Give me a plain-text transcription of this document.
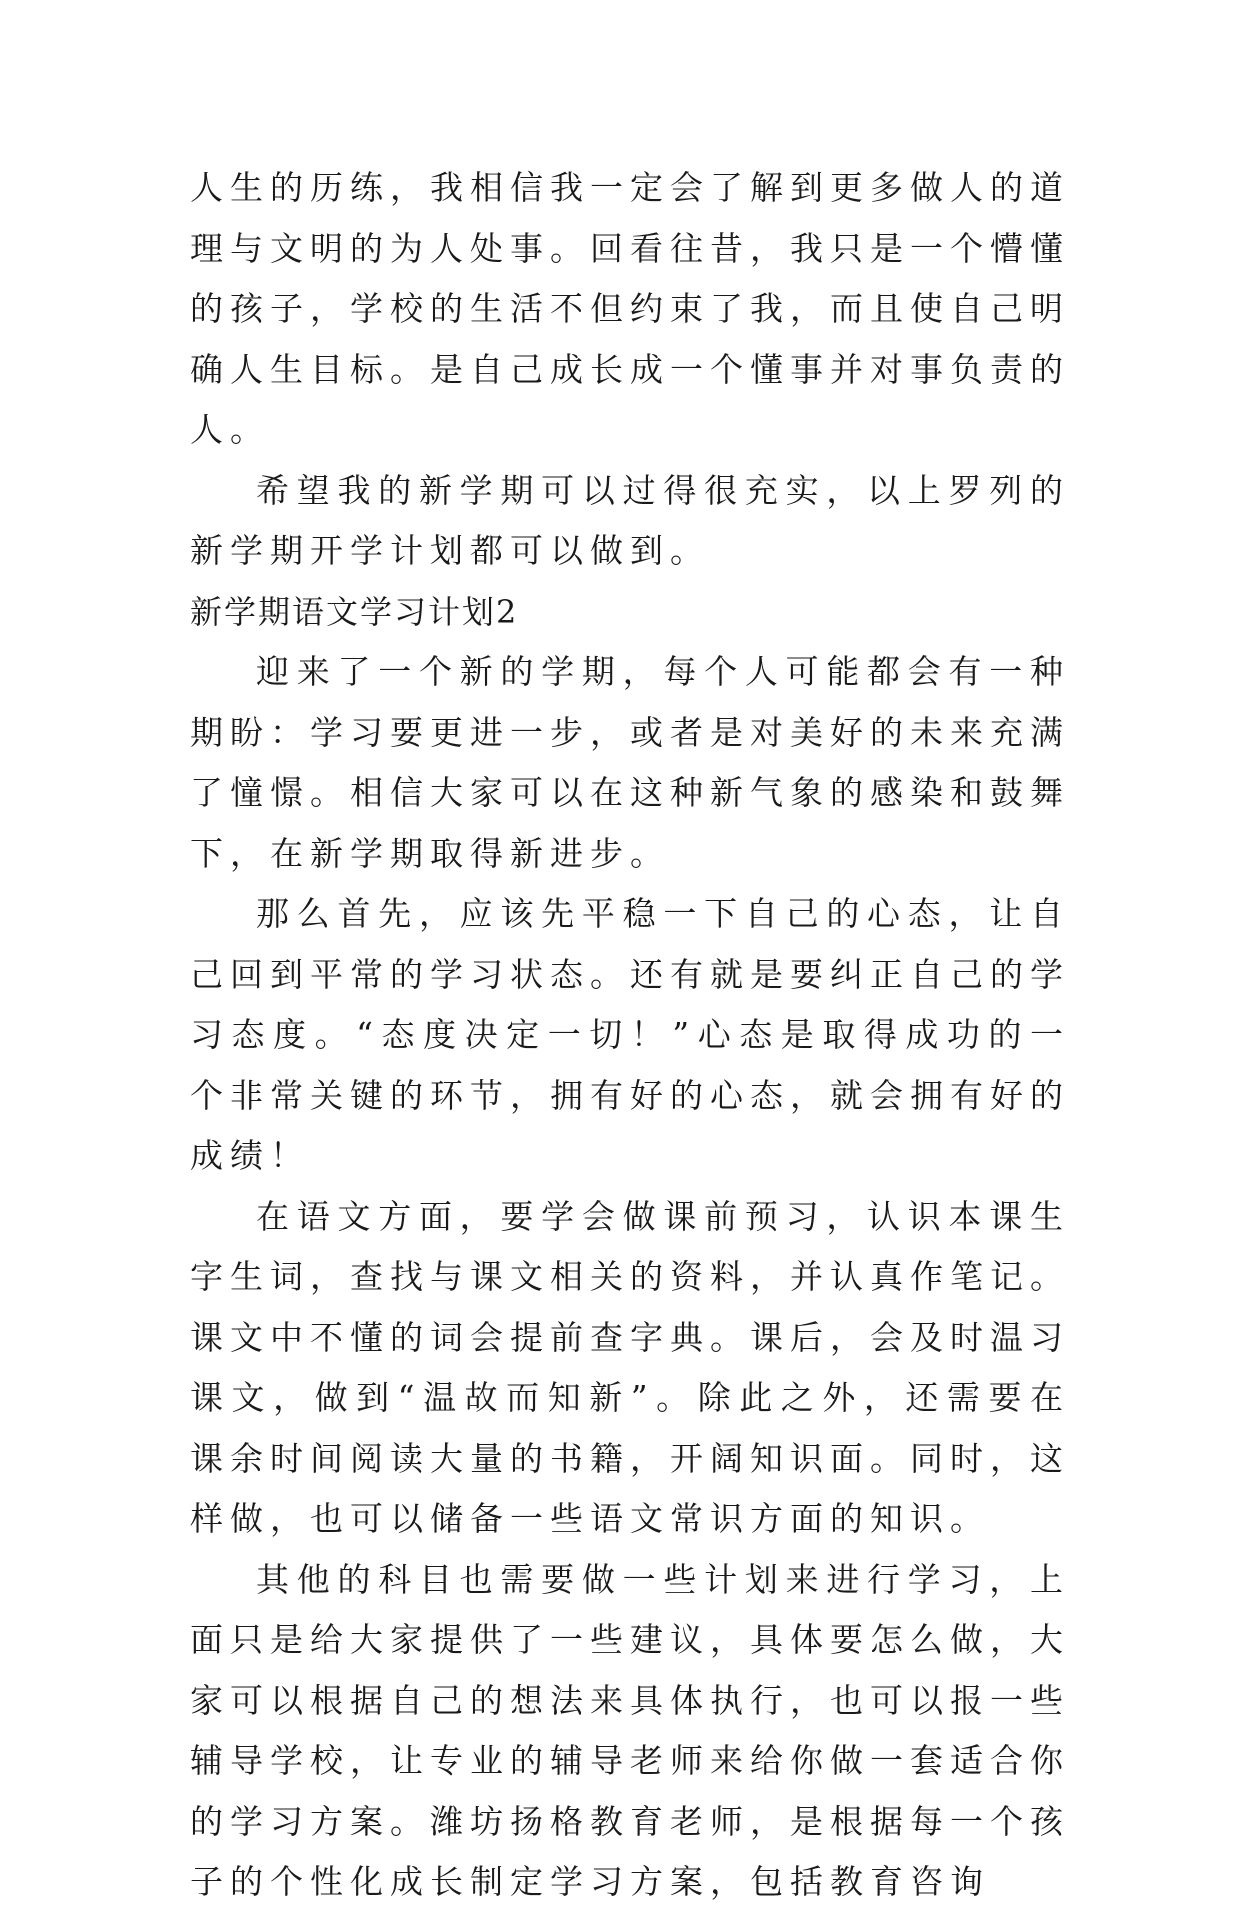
人生的历练，我相信我一定会了解到更多做人的道理与文明的为人处事。回看往昔，我只是一个懵懂的孩子，学校的生活不但约束了我，而且使自己明确人生目标。是自己成长成一个懂事并对事负责的人。

希望我的新学期可以过得很充实，以上罗列的新学期开学计划都可以做到。

新学期语文学习计划2

迎来了一个新的学期，每个人可能都会有一种期盼：学习要更进一步，或者是对美好的未来充满了憧憬。相信大家可以在这种新气象的感染和鼓舞下，在新学期取得新进步。

那么首先，应该先平稳一下自己的心态，让自己回到平常的学习状态。还有就是要纠正自己的学习态度。“态度决定一切！”心态是取得成功的一个非常关键的环节，拥有好的心态，就会拥有好的成绩！

在语文方面，要学会做课前预习，认识本课生字生词，查找与课文相关的资料，并认真作笔记。课文中不懂的词会提前查字典。课后，会及时温习课文，做到“温故而知新”。除此之外，还需要在课余时间阅读大量的书籍，开阔知识面。同时，这样做，也可以储备一些语文常识方面的知识。

其他的科目也需要做一些计划来进行学习，上面只是给大家提供了一些建议，具体要怎么做，大家可以根据自己的想法来具体执行，也可以报一些辅导学校，让专业的辅导老师来给你做一套适合你的学习方案。潍坊扬格教育老师，是根据每一个孩子的个性化成长制定学习方案，包括教育咨询
